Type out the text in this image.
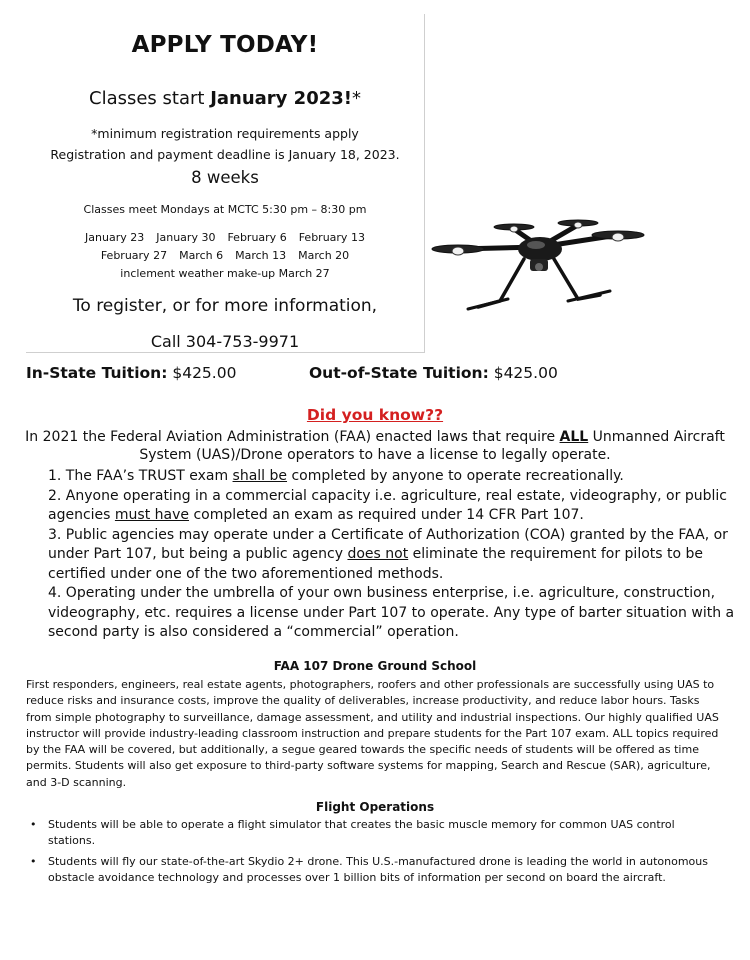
APPLY TODAY!
Classes start January 2023!*
*minimum registration requirements apply
Registration and payment deadline is January 18, 2023.
8 weeks
Classes meet Mondays at MCTC 5:30 pm – 8:30 pm
January 23 January 30 February 6 February 13
February 27 March 6 March 13 March 20
inclement weather make-up March 27
To register, or for more information,
Call 304-753-9971
In-State Tuition: $425.00	Out-of-State Tuition: $425.00
Did you know??
In 2021 the Federal Aviation Administration (FAA) enacted laws that require ALL Unmanned Aircraft System (UAS)/Drone operators to have a license to legally operate.

1. The FAA’s TRUST exam shall be completed by anyone to operate recreationally.

2. Anyone operating in a commercial capacity i.e. agriculture, real estate, videography, or public agencies must have completed an exam as required under 14 CFR Part 107.

3. Public agencies may operate under a Certificate of Authorization (COA) granted by the FAA, or under Part 107, but being a public agency does not eliminate the requirement for pilots to be certified under one of the two aforementioned methods.

4. Operating under the umbrella of your own business enterprise, i.e. agriculture, construction, videography, etc. requires a license under Part 107 to operate. Any type of barter situation with a second party is also considered a “commercial” operation.

FAA 107 Drone Ground School
First responders, engineers, real estate agents, photographers, roofers and other professionals are successfully using UAS to reduce risks and insurance costs, improve the quality of deliverables, increase productivity, and reduce labor hours. Tasks from simple photography to surveillance, damage assessment, and utility and industrial inspections. Our highly qualified UAS instructor will provide industry-leading classroom instruction and prepare students for the Part 107 exam. ALL topics required by the FAA will be covered, but additionally, a segue geared towards the specific needs of students will be offered as time permits. Students will also get exposure to third-party software systems for mapping, Search and Rescue (SAR), agriculture, and 3-D scanning.
Flight Operations
• Students will be able to operate a flight simulator that creates the basic muscle memory for common UAS control stations.
• Students will fly our state-of-the-art Skydio 2+ drone. This U.S.-manufactured drone is leading the world in autonomous obstacle avoidance technology and processes over 1 billion bits of information per second on board the aircraft.
